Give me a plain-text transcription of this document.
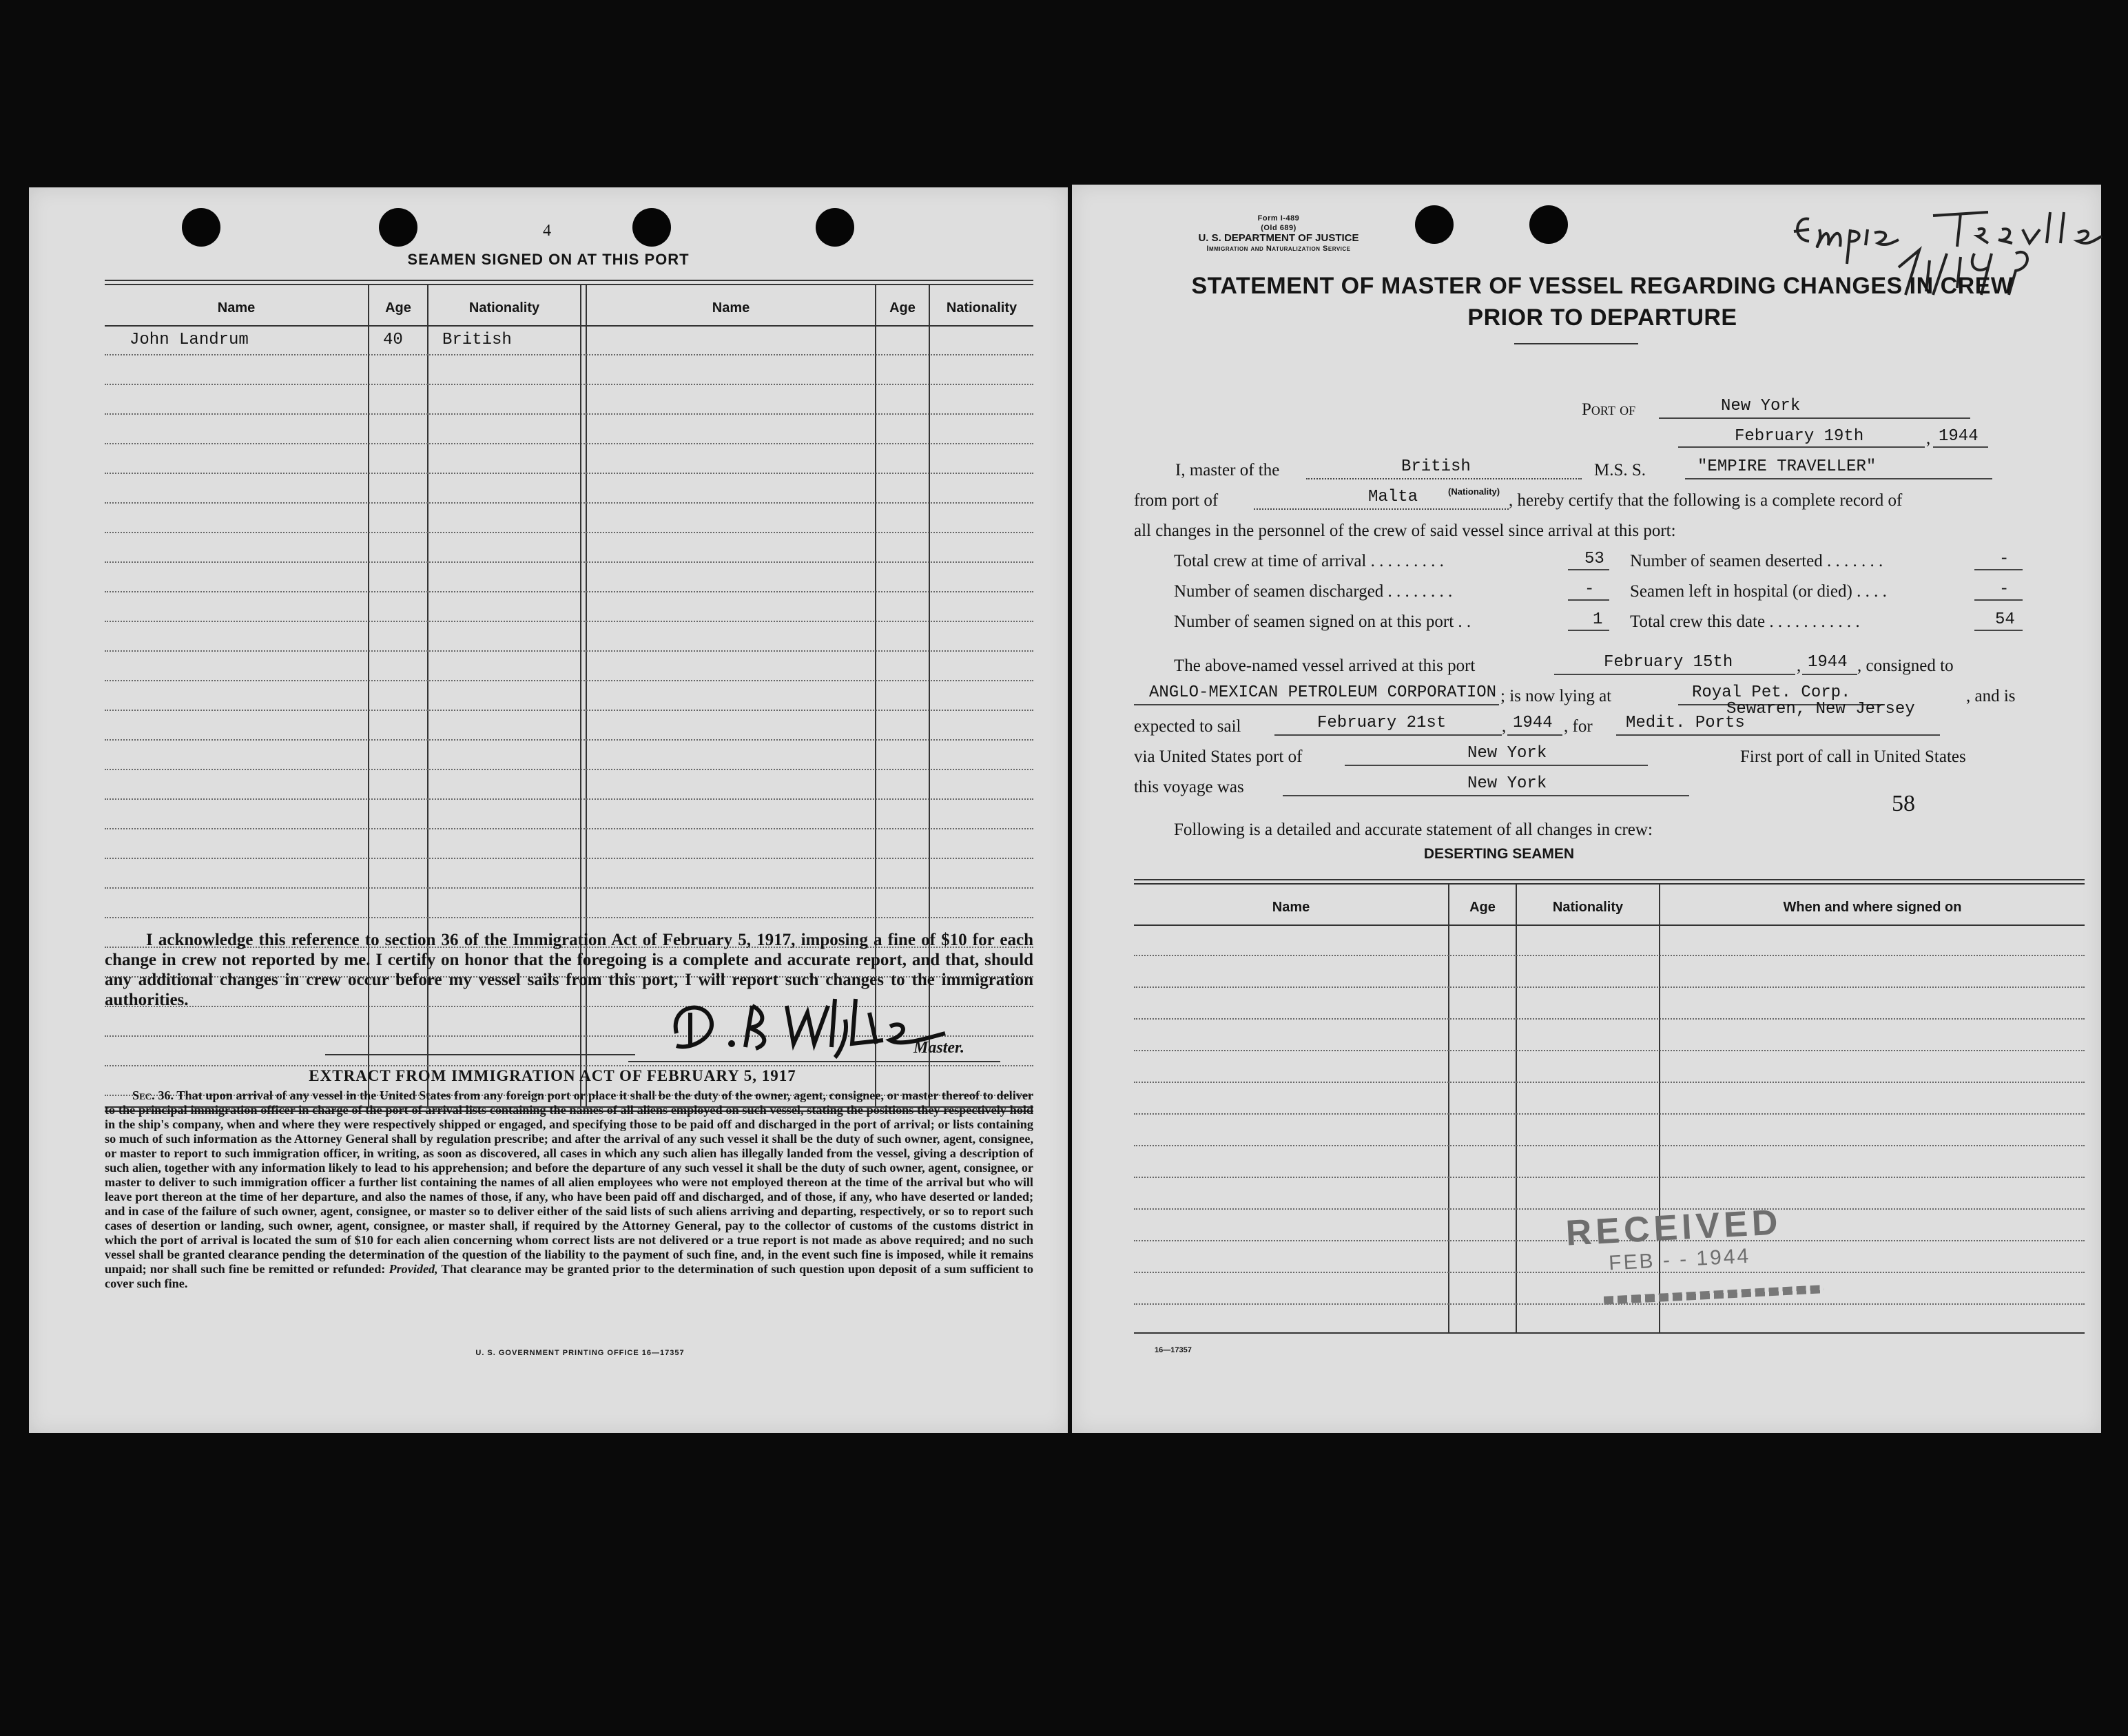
4
SEAMEN SIGNED ON AT THIS PORT
Name	Age	Nationality	Name	Age	Nationality
John Landrum	40 British
I acknowledge this reference to section 36 of the Immigration Act of February 5, 1917, imposing a fine of $10 for each change in crew not reported by me. I certify on honor that the foregoing is a complete and accurate report, and that, should any additional changes in crew occur before my vessel sails from this port, I will report such changes to the immigration authorities.
Master.
EXTRACT FROM IMMIGRATION ACT OF FEBRUARY 5, 1917
Sec. 36. That upon arrival of any vessel in the United States from any foreign port or place it shall be the duty of the owner, agent, consignee, or master thereof to deliver to the principal immigration officer in charge of the port of arrival lists containing the names of all aliens employed on such vessel, stating the positions they respectively hold in the ship's company, when and where they were respectively shipped or engaged, and specifying those to be paid off and discharged in the port of arrival; or lists containing so much of such information as the Attorney General shall by regulation prescribe; and after the arrival of any such vessel it shall be the duty of such owner, agent, consignee, or master to report to such immigration officer, in writing, as soon as discovered, all cases in which any such alien has illegally landed from the vessel, giving a description of such alien, together with any information likely to lead to his apprehension; and before the departure of any such vessel it shall be the duty of such owner, agent, consignee, or master to deliver to such immigration officer a further list containing the names of all alien employees who were not employed thereon at the time of the arrival but who will leave port thereon at the time of her departure, and also the names of those, if any, who have been paid off and discharged, and of those, if any, who have deserted or landed; and in case of the failure of such owner, agent, consignee, or master so to deliver either of the said lists of such aliens arriving and departing, respectively, or so to report such cases of desertion or landing, such owner, agent, consignee, or master shall, if required by the Attorney General, pay to the collector of customs of the customs district in which the port of arrival is located the sum of $10 for each alien concerning whom correct lists are not delivered or a true report is not made as above required; and no such vessel shall be granted clearance pending the determination of the question of the liability to the payment of such fine, and, in the event such fine is imposed, while it remains unpaid; nor shall such fine be remitted or refunded: Provided, That clearance may be granted prior to the determination of such question upon deposit of a sum sufficient to cover such fine.
U. S. GOVERNMENT PRINTING OFFICE 16—17357
Form I-489
(Old 689)
U. S. DEPARTMENT OF JUSTICE
Immigration and Naturalization Service
STATEMENT OF MASTER OF VESSEL REGARDING CHANGES IN CREW
PRIOR TO DEPARTURE
Port of	New York
February 19th	, 1944
I, master of the	British
(Nationality)
M.S. S.	"EMPIRE TRAVELLER"
from port of	Malta	, hereby certify that the following is a complete record of
all changes in the personnel of the crew of said vessel since arrival at this port:
Total crew at time of arrival . . . . . . . . .	53 Number of seamen deserted . . . . . . .	-
Number of seamen discharged . . . . . . . .	- Seamen left in hospital (or died) . . . .	-
Number of seamen signed on at this port . .	1 Total crew this date . . . . . . . . . . .	54
The above-named vessel arrived at this port	February 15th	, 1944 , consigned to
ANGLO-MEXICAN PETROLEUM CORPORATION ; is now lying at	Royal Pet. Corp.	, and is
Sewaren, New Jersey
expected to sail	February 21st	, 1944 , for Medit. Ports
via United States port of	New York	First port of call in United States
this voyage was	New York
58
Following is a detailed and accurate statement of all changes in crew:
DESERTING SEAMEN
Name	Age	Nationality	When and where signed on
RECEIVED
FEB - - 1944
16—17357
